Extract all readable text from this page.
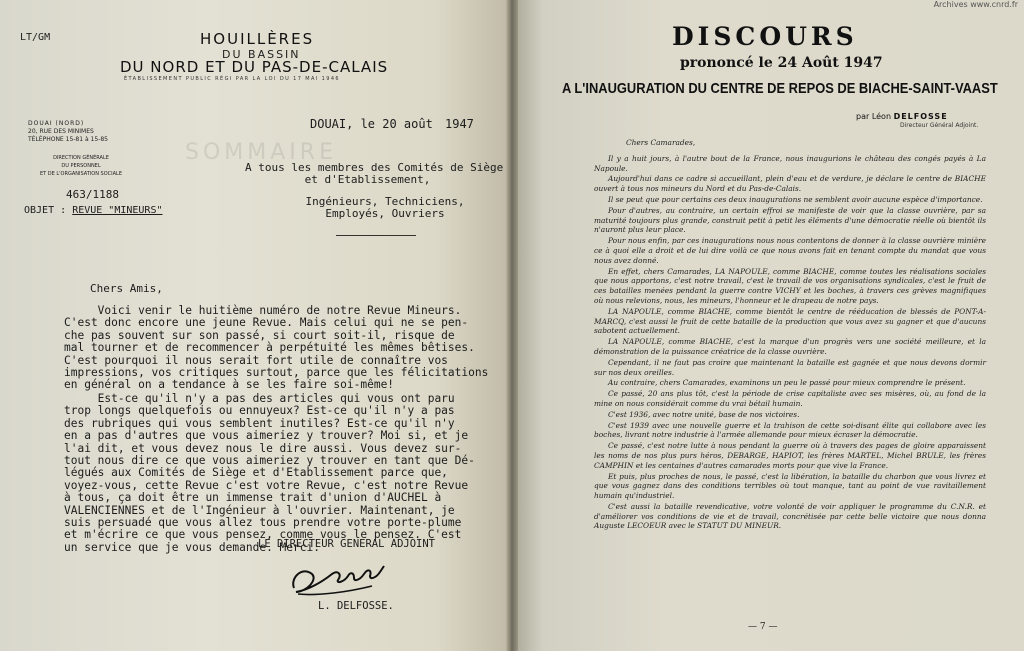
Archives www.cnrd.fr
LT/GM	HOUILLÈRES
DU BASSIN
DU NORD ET DU PAS-DE-CALAIS
ÉTABLISSEMENT PUBLIC RÉGI PAR LA LOI DU 17 MAI 1946
DOUAI (NORD)
20, RUE DES MINIMES
TÉLÉPHONE 15-81 à 15-85
DIRECTION GÉNÉRALE
DU PERSONNEL
ET DE L'ORGANISATION SOCIALE
SOMMAIRE
463/1188
OBJET : REVUE "MINEURS"
DOUAI, le 20 août 1947
A tous les membres des Comités de Siège
et d'Etablissement,
Ingénieurs, Techniciens,
Employés, Ouvriers
Chers Amis,
Voici venir le huitième numéro de notre Revue Mineurs.
C'est donc encore une jeune Revue. Mais celui qui ne se pen-
che pas souvent sur son passé, si court soit-il, risque de
mal tourner et de recommencer à perpétuité les mêmes bêtises.
C'est pourquoi il nous serait fort utile de connaître vos
impressions, vos critiques surtout, parce que les félicitations
en général on a tendance à se les faire soi-même!
Est-ce qu'il n'y a pas des articles qui vous ont paru
trop longs quelquefois ou ennuyeux? Est-ce qu'il n'y a pas
des rubriques qui vous semblent inutiles? Est-ce qu'il n'y
en a pas d'autres que vous aimeriez y trouver? Moi si, et je
l'ai dit, et vous devez nous le dire aussi. Vous devez sur-
tout nous dire ce que vous aimeriez y trouver en tant que Dé-
légués aux Comités de Siège et d'Etablissement parce que,
voyez-vous, cette Revue c'est votre Revue, c'est notre Revue
à tous, ça doit être un immense trait d'union d'AUCHEL à
VALENCIENNES et de l'Ingénieur à l'ouvrier. Maintenant, je
suis persuadé que vous allez tous prendre votre porte-plume
et m'écrire ce que vous pensez, comme vous le pensez. C'est
un service que je vous demande. Merci.
LE DIRECTEUR GENERAL ADJOINT
L. DELFOSSE.
DISCOURS
prononcé le 24 Août 1947
A L'INAUGURATION DU CENTRE DE REPOS DE BIACHE-SAINT-VAAST
par Léon DELFOSSE
Directeur Général Adjoint.

Chers Camarades,

Il y a huit jours, à l'autre bout de la France, nous inaugurions le château des congés payés à La Napoule.

Aujourd'hui dans ce cadre si accueillant, plein d'eau et de verdure, je déclare le centre de BIACHE ouvert à tous nos mineurs du Nord et du Pas-de-Calais.

Il se peut que pour certains ces deux inaugurations ne semblent avoir aucune espèce d'importance.

Pour d'autres, au contraire, un certain effroi se manifeste de voir que la classe ouvrière, par sa maturité toujours plus grande, construit petit à petit les éléments d'une démocratie réelle où bientôt ils n'auront plus leur place.

Pour nous enfin, par ces inaugurations nous nous contentons de donner à la classe ouvrière minière ce à quoi elle a droit et de lui dire voilà ce que nous avons fait en tenant compte du mandat que vous nous avez donné.

En effet, chers Camarades, LA NAPOULE, comme BIACHE, comme toutes les réalisations sociales que nous apportons, c'est notre travail, c'est le travail de vos organisations syndicales, c'est le fruit de ces batailles menées pendant la guerre contre VICHY et les boches, à travers ces grèves magnifiques où nous relevions, nous, les mineurs, l'honneur et le drapeau de notre pays.

LA NAPOULE, comme BIACHE, comme bientôt le centre de rééducation de blessés de PONT-A-MARCQ, c'est aussi le fruit de cette bataille de la production que vous avez su gagner et que d'aucuns sabotent actuellement.

LA NAPOULE, comme BIACHE, c'est la marque d'un progrès vers une société meilleure, et la démonstration de la puissance créatrice de la classe ouvrière.

Cependant, il ne faut pas croire que maintenant la bataille est gagnée et que nous devons dormir sur nos deux oreilles.

Au contraire, chers Camarades, examinons un peu le passé pour mieux comprendre le présent.

Ce passé, 20 ans plus tôt, c'est la période de crise capitaliste avec ses misères, où, au fond de la mine on nous considérait comme du vrai bétail humain.

C'est 1936, avec notre unité, base de nos victoires.

C'est 1939 avec une nouvelle guerre et la trahison de cette soi-disant élite qui collabore avec les boches, livrant notre industrie à l'armée allemande pour mieux écraser la démocratie.

Ce passé, c'est notre lutte à nous pendant la guerre où à travers des pages de gloire apparaissent les noms de nos plus purs héros, DEBARGE, HAPIOT, les frères MARTEL, Michel BRULE, les frères CAMPHIN et les centaines d'autres camarades morts pour que vive la France.

Et puis, plus proches de nous, le passé, c'est la libération, la bataille du charbon que vous livrez et que vous gagnez dans des conditions terribles où tout manque, tant au point de vue ravitaillement humain qu'industriel.

C'est aussi la bataille revendicative, votre volonté de voir appliquer le programme du C.N.R. et d'améliorer vos conditions de vie et de travail, concrétisée par cette belle victoire que nous donna Auguste LECOEUR avec le STATUT DU MINEUR.

— 7 —
